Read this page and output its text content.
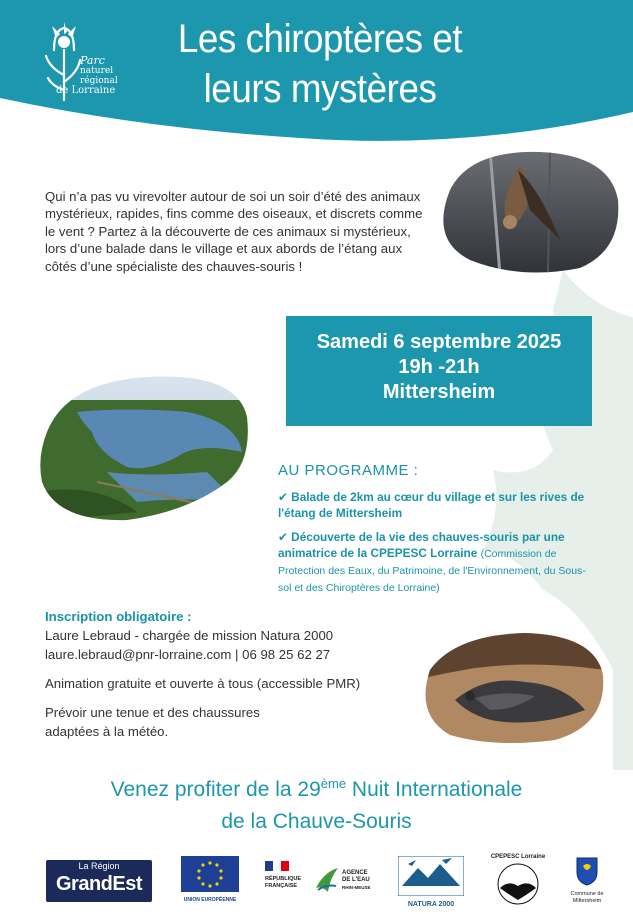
Parc
naturel
régional
de Lorraine
Les chiroptères et
leurs mystères

Qui n’a pas vu virevolter autour de soi un soir d’été des animaux mystérieux, rapides, fins comme des oiseaux, et discrets comme le vent ? Partez à la découverte de ces animaux si mystérieux, lors d’une balade dans le village et aux abords de l’étang aux côtés d’une spécialiste des chauves-souris !

Samedi 6 septembre 2025
19h -21h
Mittersheim
AU PROGRAMME :
✔ Balade de 2km au cœur du village et sur les rives de l'étang de Mittersheim
✔ Découverte de la vie des chauves-souris par une animatrice de la CPEPESC Lorraine (Commission de Protection des Eaux, du Patrimoine, de l'Environnement, du Sous-sol et des Chiroptères de Lorraine)
Inscription obligatoire :
Laure Lebraud - chargée de mission Natura 2000
laure.lebraud@pnr-lorraine.com | 06 98 25 62 27
Animation gratuite et ouverte à tous (accessible PMR)
Prévoir une tenue et des chaussures
adaptées à la météo.
Venez profiter de la 29ème Nuit Internationale
de la Chauve-Souris
La Région
GrandEst
UNION EUROPÉENNE
RÉPUBLIQUE
FRANÇAISE
AGENCE
DE L'EAU
RHIN-MEUSE
NATURA 2000
CPEPESC Lorraine
Commune de
Mittersheim
